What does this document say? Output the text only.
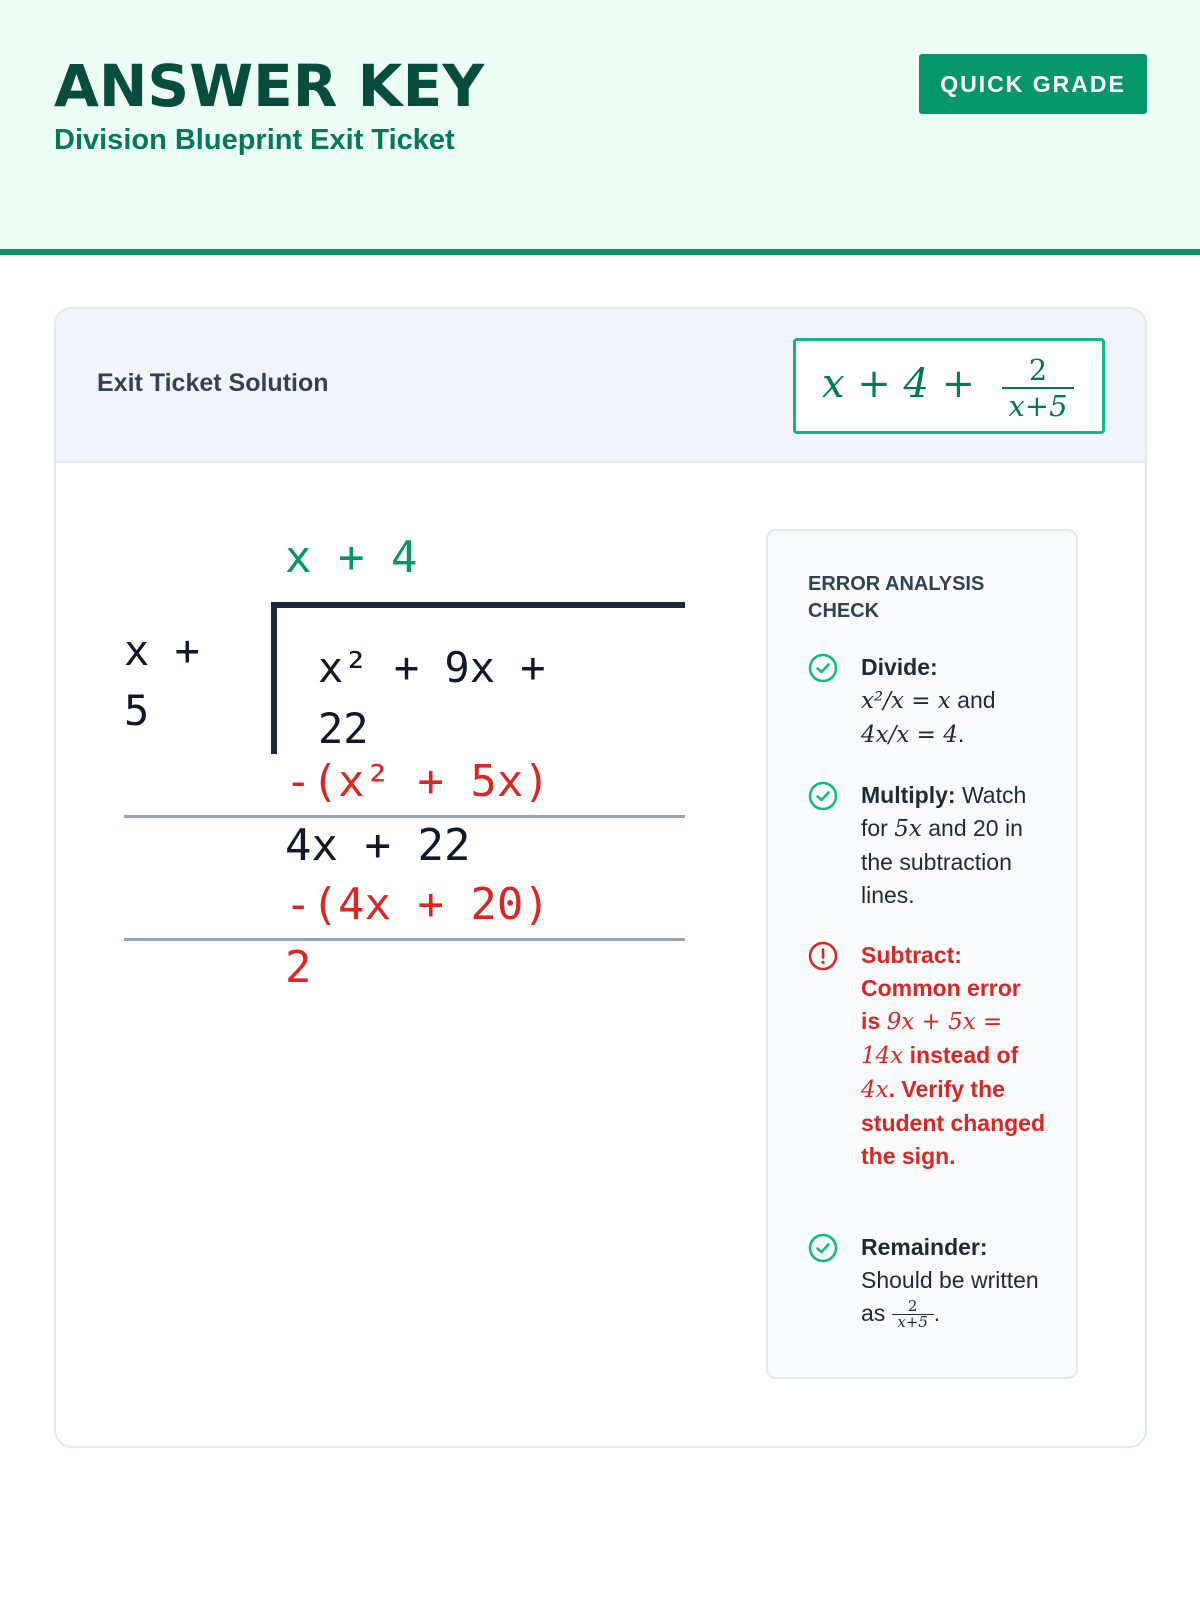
ANSWER KEY
Division Blueprint Exit Ticket
QUICK GRADE
Exit Ticket Solution	x + 4 +	2
x+5
x + 4
x + 5
x² + 9x + 22
-(x² + 5x)
4x + 22
-(4x + 20)
2
ERROR ANALYSIS CHECK
Divide:
x²/x = x and
4x/x = 4.
Multiply: Watch for 5x and 20 in the subtraction lines.
Subtract: Common error is 9x + 5x = 14x instead of 4x. Verify the student changed the sign.
Remainder: Should be written as $\frac{2}{x+5}$.
